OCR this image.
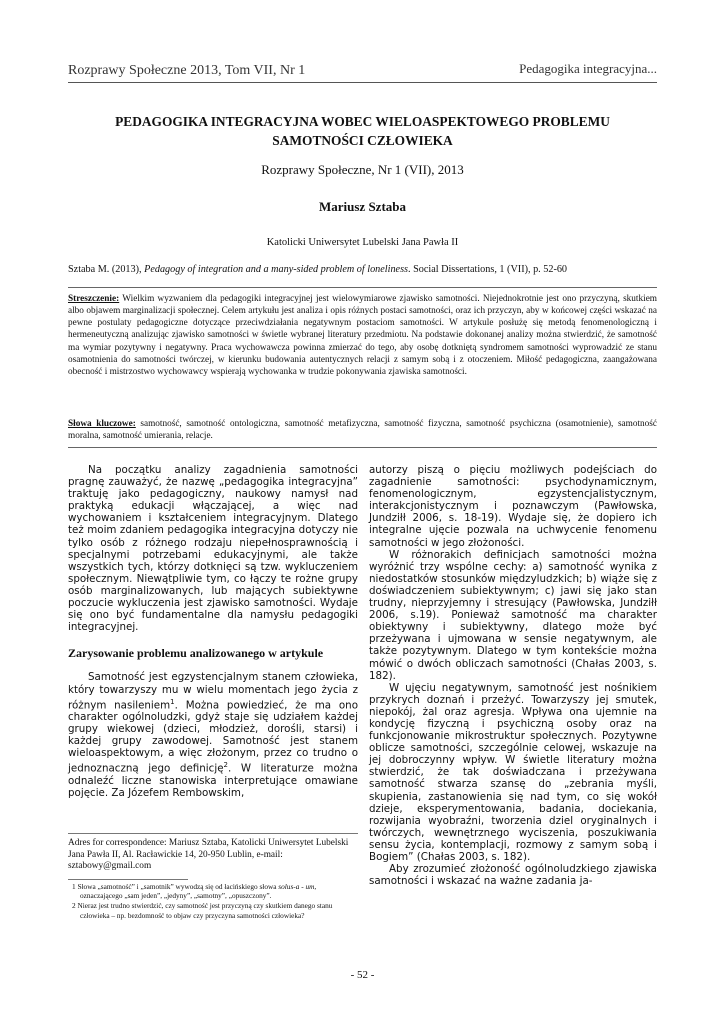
Rozprawy Społeczne 2013, Tom VII, Nr 1	Pedagogika integracyjna...
PEDAGOGIKA INTEGRACYJNA WOBEC WIELOASPEKTOWEGO PROBLEMU SAMOTNOŚCI CZŁOWIEKA
Rozprawy Społeczne, Nr 1 (VII), 2013
Mariusz Sztaba
Katolicki Uniwersytet Lubelski Jana Pawła II
Sztaba M. (2013), Pedagogy of integration and a many-sided problem of loneliness. Social Dissertations, 1 (VII), p. 52-60
Streszczenie: Wielkim wyzwaniem dla pedagogiki integracyjnej jest wielowymiarowe zjawisko samotności. Niejednokrotnie jest ono przyczyną, skutkiem albo objawem marginalizacji społecznej. Celem artykułu jest analiza i opis różnych postaci samotności, oraz ich przyczyn, aby w końcowej części wskazać na pewne postulaty pedagogiczne dotyczące przeciwdziałania negatywnym postaciom samotności. W artykule posłużę się metodą fenomenologiczną i hermeneutyczną analizując zjawisko samotności w świetle wybranej literatury przedmiotu. Na podstawie dokonanej analizy można stwierdzić, że samotność ma wymiar pozytywny i negatywny. Praca wychowawcza powinna zmierzać do tego, aby osobę dotkniętą syndromem samotności wyprowadzić ze stanu osamotnienia do samotności twórczej, w kierunku budowania autentycznych relacji z samym sobą i z otoczeniem. Miłość pedagogiczna, zaangażowana obecność i mistrzostwo wychowawcy wspierają wychowanka w trudzie pokonywania zjawiska samotności.
Słowa kluczowe: samotność, samotność ontologiczna, samotność metafizyczna, samotność fizyczna, samotność psychiczna (osamotnienie), samotność moralna, samotność umierania, relacje.

Na początku analizy zagadnienia samotności pragnę zauważyć, że nazwę „pedagogika integracyjna” traktuję jako pedagogiczny, naukowy namysł nad praktyką edukacji włączającej, a więc nad wychowaniem i kształceniem integracyjnym. Dlatego też moim zdaniem pedagogika integracyjna dotyczy nie tylko osób z różnego rodzaju niepełnosprawnością i specjalnymi potrzebami edukacyjnymi, ale także wszystkich tych, którzy dotknięci są tzw. wykluczeniem społecznym. Niewątpliwie tym, co łączy te rożne grupy osób marginalizowanych, lub mających subiektywne poczucie wykluczenia jest zjawisko samotności. Wydaje się ono być fundamentalne dla namysłu pedagogiki integracyjnej.

Zarysowanie problemu analizowanego w artykule

Samotność jest egzystencjalnym stanem człowieka, który towarzyszy mu w wielu momentach jego życia z różnym nasileniem$^1$. Można powiedzieć, że ma ono charakter ogólnoludzki, gdyż staje się udziałem każdej grupy wiekowej (dzieci, młodzież, dorośli, starsi) i każdej grupy zawodowej. Samotność jest stanem wieloaspektowym, a więc złożonym, przez co trudno o jednoznaczną jego definicję$^2$. W literaturze można odnaleźć liczne stanowiska interpretujące omawiane pojęcie. Za Józefem Rembowskim,

autorzy piszą o pięciu możliwych podejściach do zagadnienie samotności: psychodynamicznym, fenomenologicznym, egzystencjalistycznym, interakcjonistycznym i poznawczym (Pawłowska, Jundziłł 2006, s. 18-19). Wydaje się, że dopiero ich integralne ujęcie pozwala na uchwycenie fenomenu samotności w jego złożoności.

W różnorakich definicjach samotności można wyróżnić trzy wspólne cechy: a) samotność wynika z niedostatków stosunków międzyludzkich; b) wiąże się z doświadczeniem subiektywnym; c) jawi się jako stan trudny, nieprzyjemny i stresujący (Pawłowska, Jundziłł 2006, s.19). Ponieważ samotność ma charakter obiektywny i subiektywny, dlatego może być przeżywana i ujmowana w sensie negatywnym, ale także pozytywnym. Dlatego w tym kontekście można mówić o dwóch obliczach samotności (Chałas 2003, s. 182).

W ujęciu negatywnym, samotność jest nośnikiem przykrych doznań i przeżyć. Towarzyszy jej smutek, niepokój, żal oraz agresja. Wpływa ona ujemnie na kondycję fizyczną i psychiczną osoby oraz na funkcjonowanie mikrostruktur społecznych. Pozytywne oblicze samotności, szczególnie celowej, wskazuje na jej dobroczynny wpływ. W świetle literatury można stwierdzić, że tak doświadczana i przeżywana samotność stwarza szansę do „zebrania myśli, skupienia, zastanowienia się nad tym, co się wokół dzieje, eksperymentowania, badania, dociekania, rozwijania wyobraźni, tworzenia dziel oryginalnych i twórczych, wewnętrznego wyciszenia, poszukiwania sensu życia, kontemplacji, rozmowy z samym sobą i Bogiem” (Chałas 2003, s. 182).

Aby zrozumieć złożoność ogólnoludzkiego zjawiska samotności i wskazać na ważne zadania ja-

Adres for correspondence: Mariusz Sztaba, Katolicki Uniwersytet Lubelski Jana Pawła II, Al. Racławickie 14, 20-950 Lublin, e-mail: sztabowy@gmail.com
1 Słowa „samotność” i „samotnik” wywodzą się od łacińskiego słowa solus-a - um, oznaczającego „sam jeden”, „jedyny”, „samotny”, „opuszczony”.
2 Nieraz jest trudno stwierdzić, czy samotność jest przyczyną czy skutkiem danego stanu człowieka – np. bezdomność to objaw czy przyczyna samotności człowieka?
- 52 -
